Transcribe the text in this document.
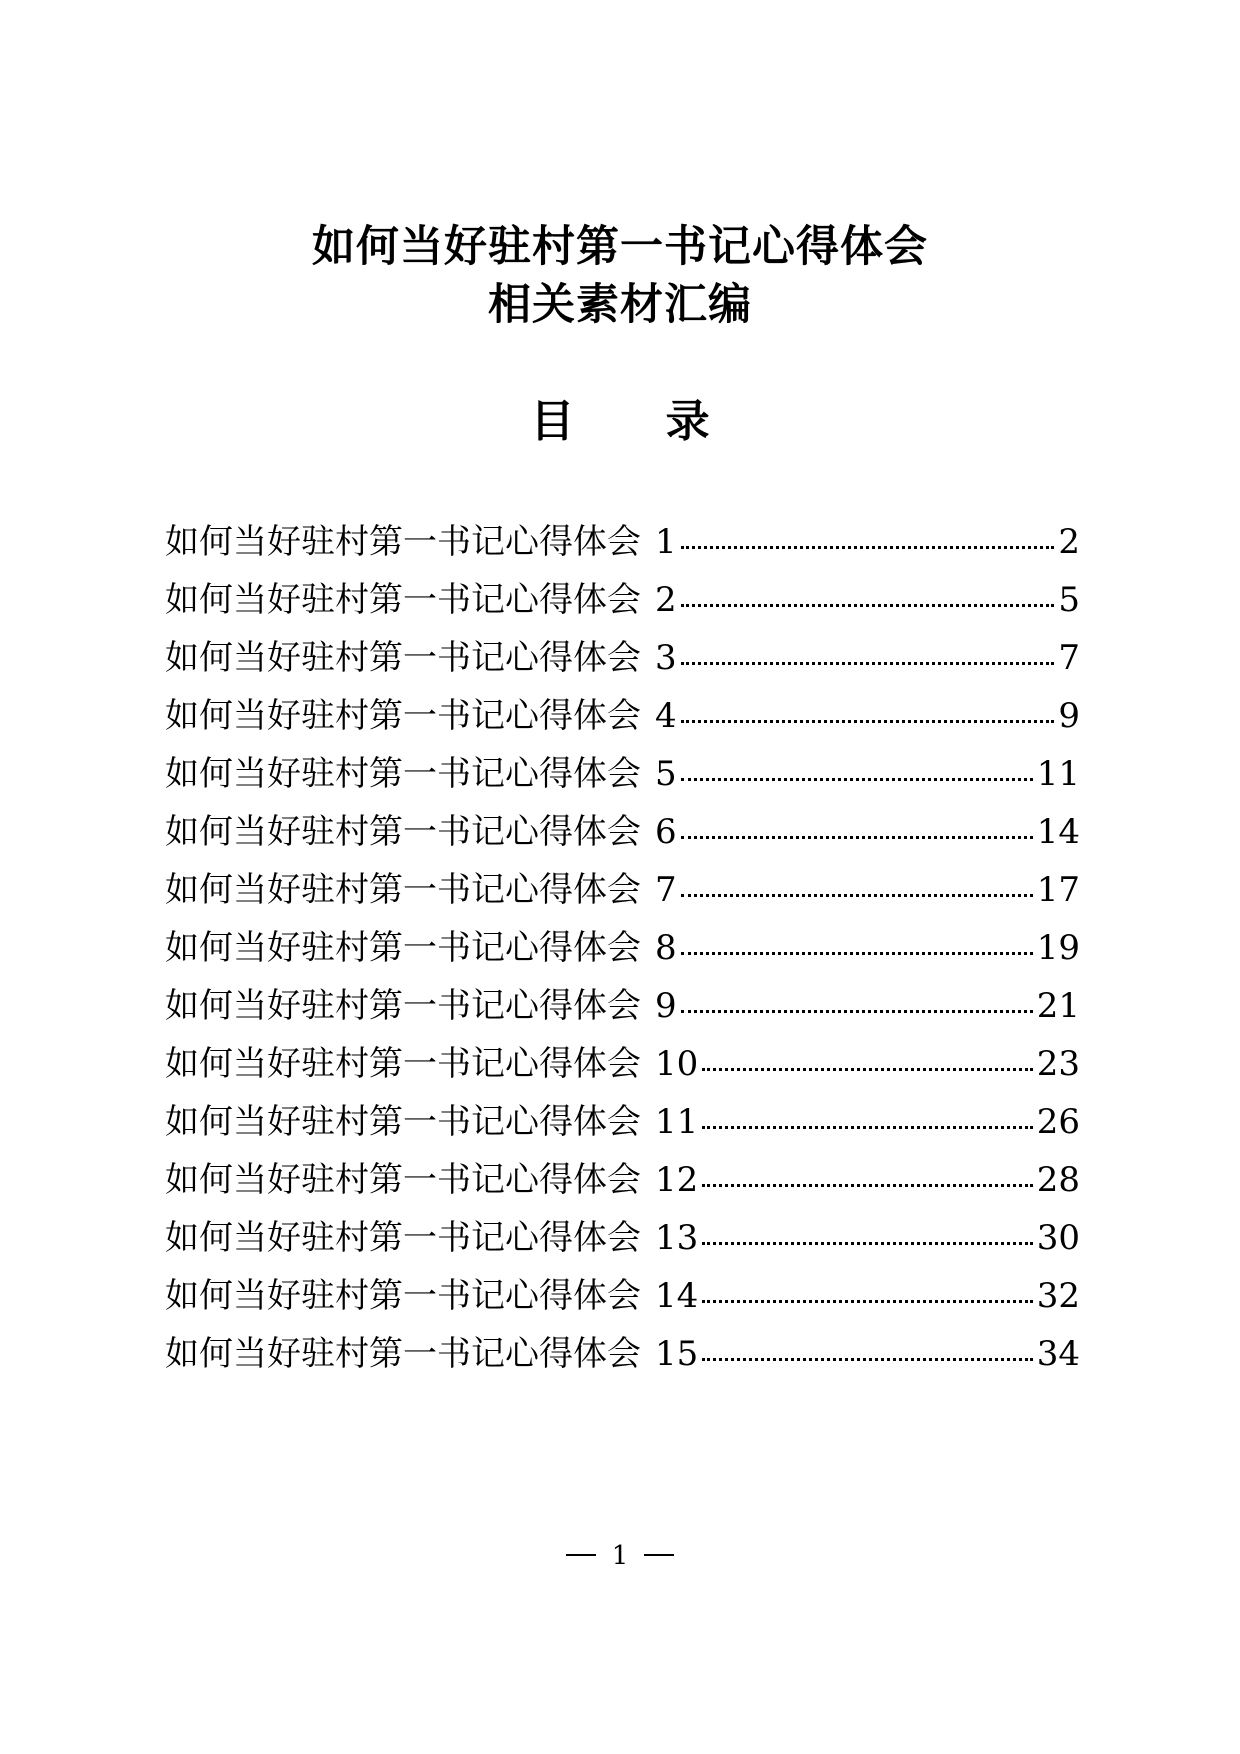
如何当好驻村第一书记心得体会
相关素材汇编
目 录
如何当好驻村第一书记心得体会 1	2
如何当好驻村第一书记心得体会 2	5
如何当好驻村第一书记心得体会 3	7
如何当好驻村第一书记心得体会 4	9
如何当好驻村第一书记心得体会 5	11
如何当好驻村第一书记心得体会 6	14
如何当好驻村第一书记心得体会 7	17
如何当好驻村第一书记心得体会 8	19
如何当好驻村第一书记心得体会 9	21
如何当好驻村第一书记心得体会 10	23
如何当好驻村第一书记心得体会 11	26
如何当好驻村第一书记心得体会 12	28
如何当好驻村第一书记心得体会 13	30
如何当好驻村第一书记心得体会 14	32
如何当好驻村第一书记心得体会 15	34
1
